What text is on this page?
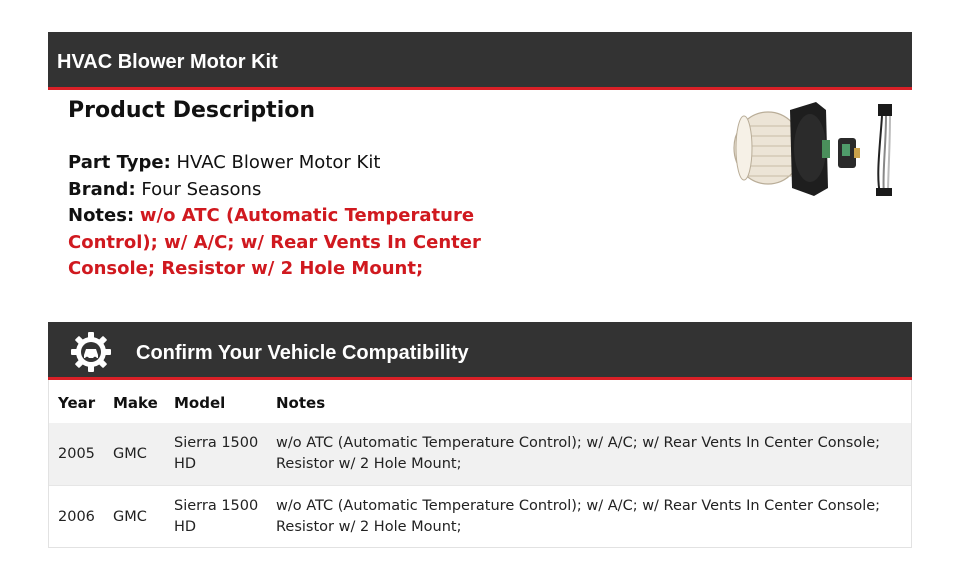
HVAC Blower Motor Kit
Product Description
Part Type: HVAC Blower Motor Kit
Brand: Four Seasons
Notes: w/o ATC (Automatic Temperature Control); w/ A/C; w/ Rear Vents In Center Console; Resistor w/ 2 Hole Mount;
Confirm Your Vehicle Compatibility
Year Make Model	Notes
2005 GMC
Sierra 1500 HD
w/o ATC (Automatic Temperature Control); w/ A/C; w/ Rear Vents In Center Console; Resistor w/ 2 Hole Mount;
2006 GMC
Sierra 1500 HD
w/o ATC (Automatic Temperature Control); w/ A/C; w/ Rear Vents In Center Console; Resistor w/ 2 Hole Mount;
